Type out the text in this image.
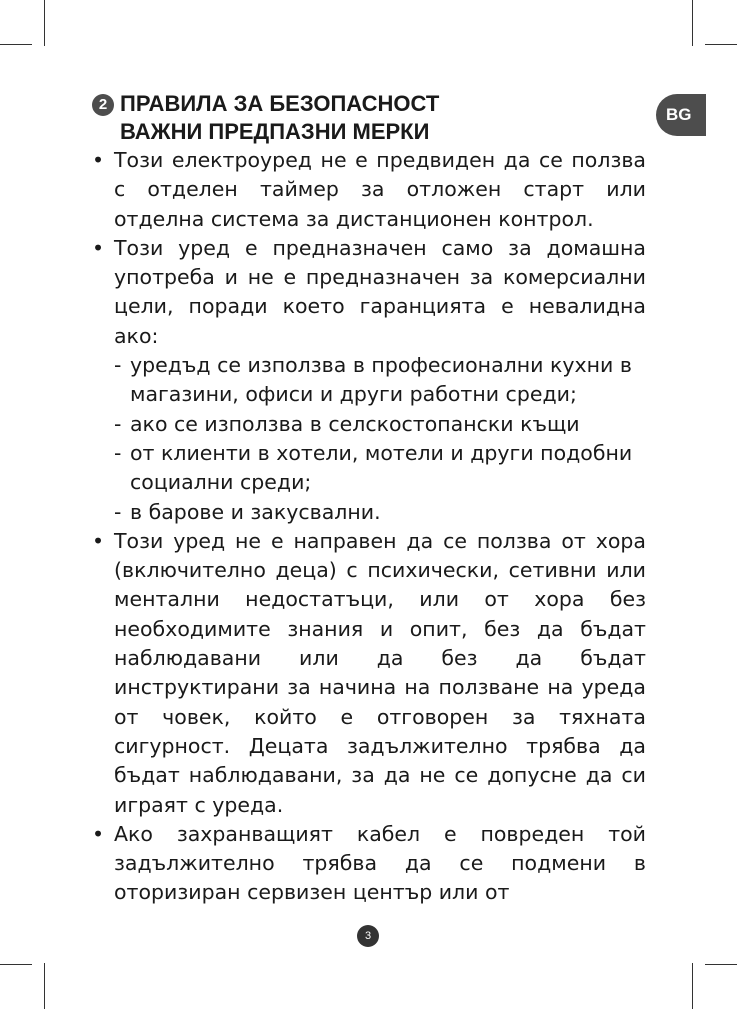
BG
2 ПРАВИЛА ЗА БЕЗОПАСНОСТ
ВАЖНИ ПРЕДПАЗНИ МЕРКИ
• Този електроуред не е предвиден да се ползва с отделен таймер за отложен старт или отделна система за дистанционен контрол.
• Този уред е предназначен само за домашна употреба и не е предназначен за комерсиални цели, поради което гаранцията е невалидна ако:
- уредъд се използва в професионални кухни в магазини, офиси и други работни среди;
- ако се използва в селскостопански къщи
- от клиенти в хотели, мотели и други подобни социални среди;
- в барове и закусвални.
• Този уред не е направен да се ползва от хора (включително деца) с психически, сетивни или ментални недостатъци, или от хора без необходимите знания и опит, без да бъдат наблюдавани или да без да бъдат инструктирани за начина на ползване на уреда от човек, който е отговорен за тяхната сигурност. Децата задължително трябва да бъдат наблюдавани, за да не се допусне да си играят с уреда.
• Ако захранващият кабел е повреден той задължително трябва да се подмени в оторизиран сервизен център или от
3
